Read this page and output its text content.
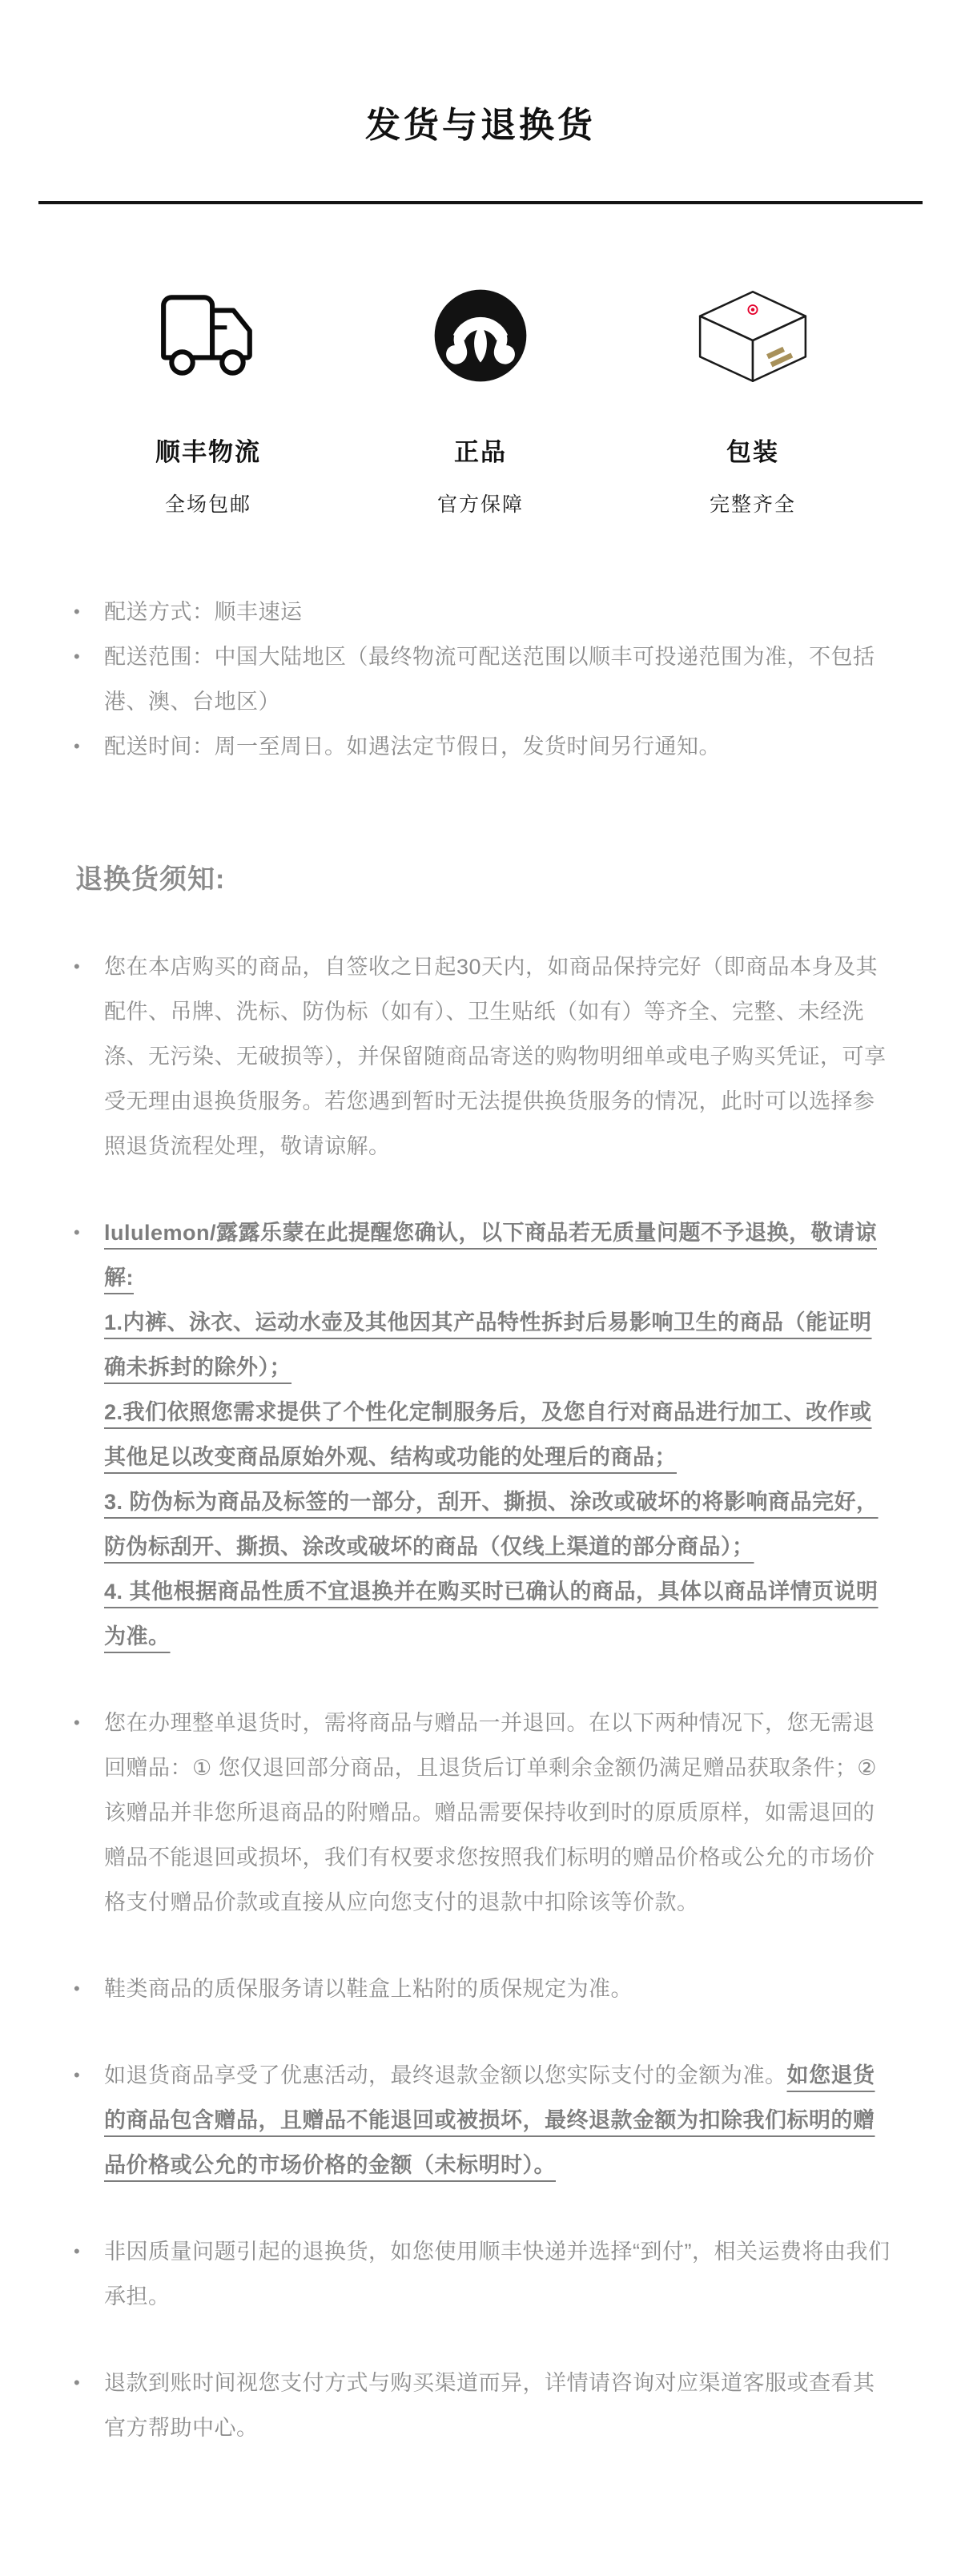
发货与退换货
顺丰物流
全场包邮
正品
官方保障
包装
完整齐全
•	配送方式：顺丰速运
•	配送范围：中国大陆地区（最终物流可配送范围以顺丰可投递范围为准，不包括港、澳、台地区）
•	配送时间：周一至周日。如遇法定节假日，发货时间另行通知。
退换货须知:
•	您在本店购买的商品，自签收之日起30天内，如商品保持完好（即商品本身及其配件、吊牌、洗标、防伪标（如有）、卫生贴纸（如有）等齐全、完整、未经洗涤、无污染、无破损等），并保留随商品寄送的购物明细单或电子购买凭证，可享受无理由退换货服务。若您遇到暂时无法提供换货服务的情况，此时可以选择参照退货流程处理，敬请谅解。
•	lululemon/露露乐蒙在此提醒您确认，以下商品若无质量问题不予退换，敬请谅解:
1.内裤、泳衣、运动水壶及其他因其产品特性拆封后易影响卫生的商品（能证明确未拆封的除外）；
2.我们依照您需求提供了个性化定制服务后，及您自行对商品进行加工、改作或其他足以改变商品原始外观、结构或功能的处理后的商品；
3. 防伪标为商品及标签的一部分，刮开、撕损、涂改或破坏的将影响商品完好，防伪标刮开、撕损、涂改或破坏的商品（仅线上渠道的部分商品）；
4. 其他根据商品性质不宜退换并在购买时已确认的商品，具体以商品详情页说明为准。
•	您在办理整单退货时，需将商品与赠品一并退回。在以下两种情况下，您无需退回赠品：① 您仅退回部分商品，且退货后订单剩余金额仍满足赠品获取条件；② 该赠品并非您所退商品的附赠品。赠品需要保持收到时的原质原样，如需退回的赠品不能退回或损坏，我们有权要求您按照我们标明的赠品价格或公允的市场价格支付赠品价款或直接从应向您支付的退款中扣除该等价款。
•	鞋类商品的质保服务请以鞋盒上粘附的质保规定为准。
•	如退货商品享受了优惠活动，最终退款金额以您实际支付的金额为准。如您退货的商品包含赠品，且赠品不能退回或被损坏，最终退款金额为扣除我们标明的赠品价格或公允的市场价格的金额（未标明时）。
•	非因质量问题引起的退换货，如您使用顺丰快递并选择“到付”，相关运费将由我们承担。
•	退款到账时间视您支付方式与购买渠道而异，详情请咨询对应渠道客服或查看其官方帮助中心。
